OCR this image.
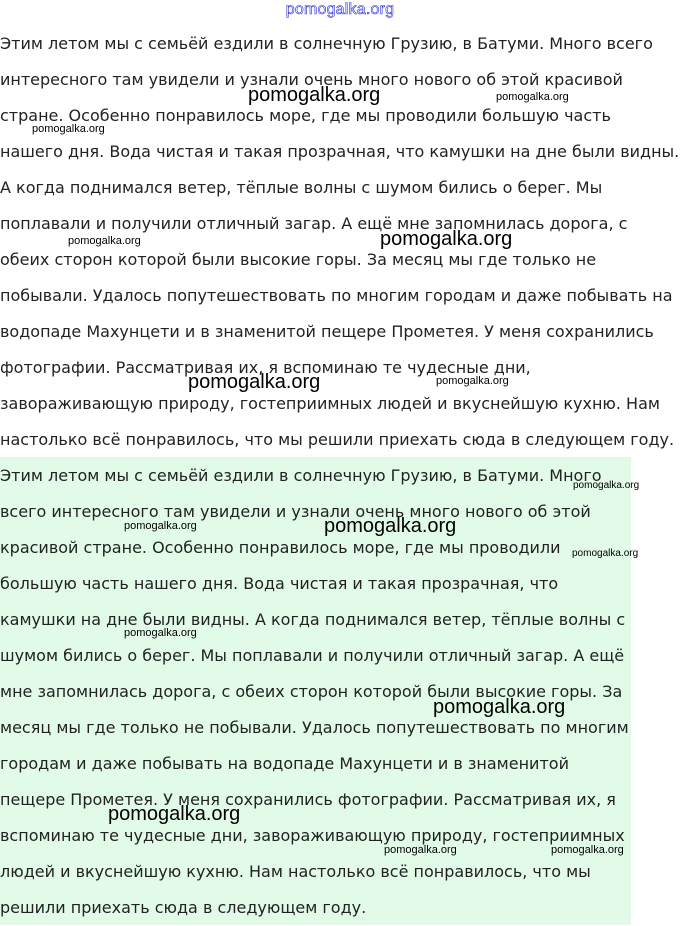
pomogalka.org
Этим летом мы с семьёй ездили в солнечную Грузию, в Батуми. Много всего
интересного там увидели и узнали очень много нового об этой красивой
стране. Особенно понравилось море, где мы проводили большую часть
нашего дня. Вода чистая и такая прозрачная, что камушки на дне были видны.
А когда поднимался ветер, тёплые волны с шумом бились о берег. Мы
поплавали и получили отличный загар. А ещё мне запомнилась дорога, с
обеих сторон которой были высокие горы. За месяц мы где только не
побывали. Удалось попутешествовать по многим городам и даже побывать на
водопаде Махунцети и в знаменитой пещере Прометея. У меня сохранились
фотографии. Рассматривая их, я вспоминаю те чудесные дни,
завораживающую природу, гостеприимных людей и вкуснейшую кухню. Нам
настолько всё понравилось, что мы решили приехать сюда в следующем году.
Этим летом мы с семьёй ездили в солнечную Грузию, в Батуми. Много
всего интересного там увидели и узнали очень много нового об этой
красивой стране. Особенно понравилось море, где мы проводили
большую часть нашего дня. Вода чистая и такая прозрачная, что
камушки на дне были видны. А когда поднимался ветер, тёплые волны с
шумом бились о берег. Мы поплавали и получили отличный загар. А ещё
мне запомнилась дорога, с обеих сторон которой были высокие горы. За
месяц мы где только не побывали. Удалось попутешествовать по многим
городам и даже побывать на водопаде Махунцети и в знаменитой
пещере Прометея. У меня сохранились фотографии. Рассматривая их, я
вспоминаю те чудесные дни, завораживающую природу, гостеприимных
людей и вкуснейшую кухню. Нам настолько всё понравилось, что мы
решили приехать сюда в следующем году.
pomogalka.org	pomogalka.org
pomogalka.org
pomogalka.org	pomogalka.org
pomogalka.org	pomogalka.org
pomogalka.org
pomogalka.org	pomogalka.org
pomogalka.org
pomogalka.org
pomogalka.org
pomogalka.org
pomogalka.org	pomogalka.org
